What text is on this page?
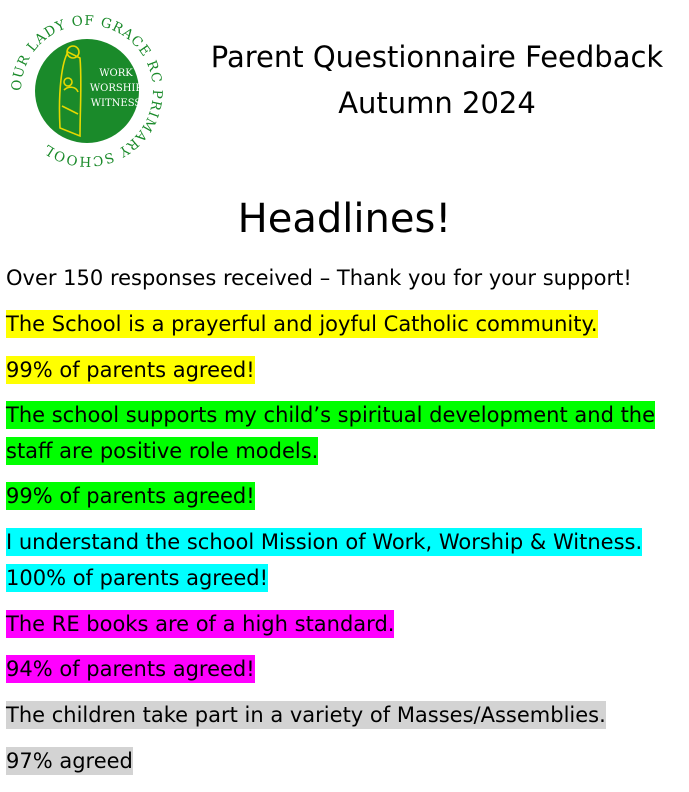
OUR LADY OF GRACE RC PRIMARY SCHOOL
WORK
WORSHIP
WITNESS
Parent Questionnaire Feedback
Autumn 2024
Headlines!

Over 150 responses received – Thank you for your support!

The School is a prayerful and joyful Catholic community.

99% of parents agreed!

The school supports my child’s spiritual development and the staff are positive role models.

99% of parents agreed!

I understand the school Mission of Work, Worship & Witness.

100% of parents agreed!

The RE books are of a high standard.

94% of parents agreed!

The children take part in a variety of Masses/Assemblies.

97% agreed
